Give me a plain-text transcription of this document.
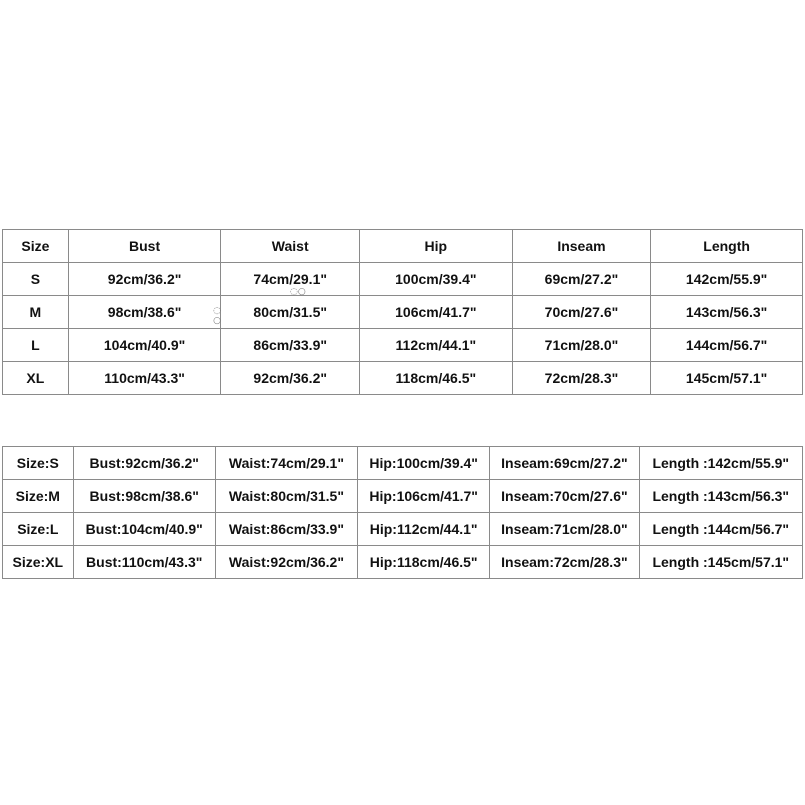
Size	Bust	Waist	Hip	Inseam	Length
S	92cm/36.2"	74cm/29.1"	100cm/39.4"	69cm/27.2"	142cm/55.9"
M	98cm/38.6"	80cm/31.5"	106cm/41.7"	70cm/27.6"	143cm/56.3"
L	104cm/40.9"	86cm/33.9"	112cm/44.1"	71cm/28.0"	144cm/56.7"
XL	110cm/43.3"	92cm/36.2"	118cm/46.5"	72cm/28.3"	145cm/57.1"
◌○
◌○
Size:S	Bust:92cm/36.2"	Waist:74cm/29.1"	Hip:100cm/39.4"	Inseam:69cm/27.2"	Length :142cm/55.9"
Size:M	Bust:98cm/38.6"	Waist:80cm/31.5"	Hip:106cm/41.7"	Inseam:70cm/27.6"	Length :143cm/56.3"
Size:L	Bust:104cm/40.9"	Waist:86cm/33.9"	Hip:112cm/44.1"	Inseam:71cm/28.0"	Length :144cm/56.7"
Size:XL	Bust:110cm/43.3"	Waist:92cm/36.2"	Hip:118cm/46.5"	Inseam:72cm/28.3"	Length :145cm/57.1"
